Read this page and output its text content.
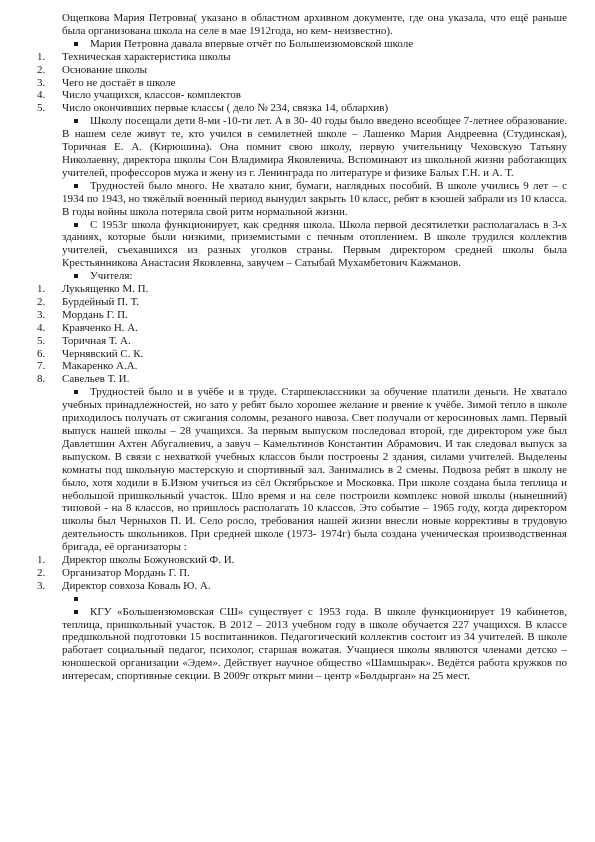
Ощепкова Мария Петровна( указано в областном архивном документе, где она указала, что ещё раньше была организована школа на селе в мае 1912года, но кем- неизвестно).

Мария Петровна давала впервые отчёт по Большеизюмовской школе
1.	Техническая характеристика школы
2.	Основание школы
3.	Чего не достаёт в школе
4.	Число учащихся, классов- комплектов
5.	Число окончивших первые классы ( дело № 234, связка 14, облархив)
Школу посещали дети 8-ми -10-ти лет. А в 30- 40 годы было введено всеобщее 7-летнее образование. В нашем селе живут те, кто учился в семилетней школе – Лашенко Мария Андреевна (Студинская), Торичная Е. А. (Кирюшина). Она помнит свою школу, первую учительницу Чеховскую Татьяну Николаевну, директора школы Сон Владимира Яковлевича. Вспоминают из школьной жизни работающих учителей, профессоров мужа и жену из г. Ленинграда по литературе и физике Балых Г.Н. и А. Т.
Трудностей было много. Не хватало книг, бумаги, наглядных пособий. В школе учились 9 лет – с 1934 по 1943, но тяжёлый военный период вынудил закрыть 10 класс, ребят в кэошей забрали из 10 класса. В годы войны школа потеряла свой ритм нормальной жизни.
С 1953г школа функционирует, как средняя школа. Школа первой десятилетки располагалась в 3-х зданиях, которые были низкими, приземистыми с печным отоплением. В школе трудился коллектив учителей, съехавшихся из разных уголков страны. Первым директором средней школы была Крестьянникова Анастасия Яковлевна, завучем – Сатыбай Мухамбетович Кажманов.
Учителя:
1.	Лукьященко М. П.
2.	Бурдейный П. Т.
3.	Мордань Г. П.
4.	Кравченко Н. А.
5.	Торичная Т. А.
6.	Чернявский С. К.
7.	Макаренко А.А.
8.	Савельев Т. И.
Трудностей было и в учёбе и в труде. Старшеклассники за обучение платили деньги. Не хватало учебных принадлежностей, но зато у ребят было хорошее желание и рвение к учёбе. Зимой тепло в школе приходилось получать от сжигания соломы, резаного навоза. Свет получали от керосиновых ламп. Первый выпуск нашей школы – 28 учащихся. За первым выпуском последовал второй, где директором уже был Давлетшин Ахтен Абугалиевич, а завуч – Камельтинов Константин Абрамович. И так следовал выпуск за выпуском. В связи с нехваткой учебных классов были построены 2 здания, силами учителей. Выделены комнаты под школьную мастерскую и спортивный зал. Занимались в 2 смены. Подвоза ребят в школу не было, хотя ходили в Б.Изюм учиться из сёл Октябрьское и Московка. При школе создана была теплица и небольшой пришкольный участок. Шло время и на селе построили комплекс новой школы (нынешний) типовой - на 8 классов, но пришлось располагать 10 классов. Это событие – 1965 году, когда директором школы был Черныхов П. И. Село росло, требования нашей жизни внесли новые коррективы в трудовую деятельность школьников. При средней школе (1973- 1974г) была создана ученическая производственная бригада, её организаторы :
1.	Директор школы Божуновский Ф. И.
2.	Организатор Мордань Г. П.
3.	Директор совхоза Коваль Ю. А.
КГУ «Большеизюмовская СШ» существует с 1953 года. В школе функционирует 19 кабинетов, теплица, пришкольный участок. В 2012 – 2013 учебном году в школе обучается 227 учащихся. В классе предшкольной подготовки 15 воспитанников. Педагогический коллектив состоит из 34 учителей. В школе работает социальный педагог, психолог, старшая вожатая. Учащиеся школы являются членами детско – юношеской организации «Эдем». Действует научное общество «Шамшырак». Ведётся работа кружков по интересам, спортивные секции. В 2009г открыт мини – центр «Бөлдырган» на 25 мест.
